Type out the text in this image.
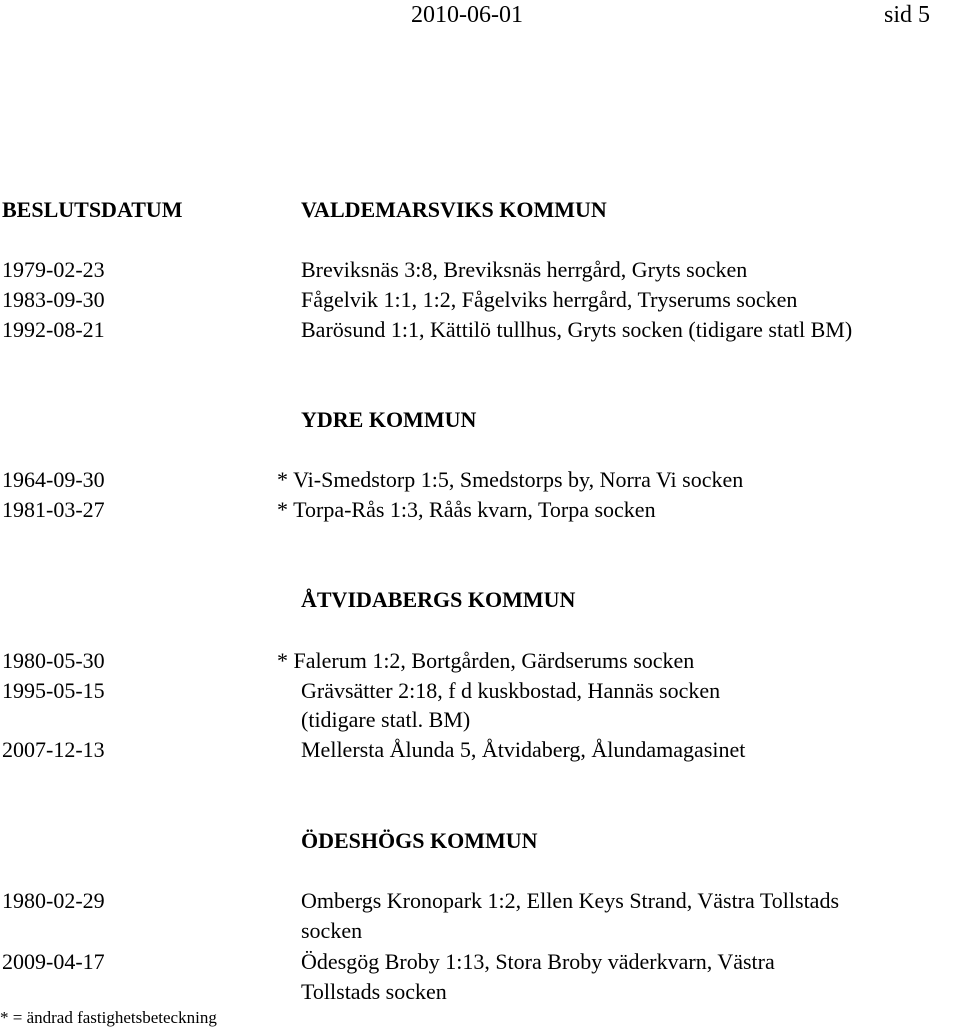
2010-06-01	sid 5
BESLUTSDATUM	VALDEMARSVIKS KOMMUN
1979-02-23	Breviksnäs 3:8, Breviksnäs herrgård, Gryts socken
1983-09-30	Fågelvik 1:1, 1:2, Fågelviks herrgård, Tryserums socken
1992-08-21	Barösund 1:1, Kättilö tullhus, Gryts socken (tidigare statl BM)
YDRE KOMMUN
1964-09-30	* Vi-Smedstorp 1:5, Smedstorps by, Norra Vi socken
1981-03-27	* Torpa-Rås 1:3, Råås kvarn, Torpa socken
ÅTVIDABERGS KOMMUN
1980-05-30	* Falerum 1:2, Bortgården, Gärdserums socken
1995-05-15	Grävsätter 2:18, f d kuskbostad, Hannäs socken
(tidigare statl. BM)
2007-12-13	Mellersta Ålunda 5, Åtvidaberg, Ålundamagasinet
ÖDESHÖGS KOMMUN
1980-02-29	Ombergs Kronopark 1:2, Ellen Keys Strand, Västra Tollstads
socken
2009-04-17	Ödesgög Broby 1:13, Stora Broby väderkvarn, Västra
Tollstads socken
* = ändrad fastighetsbeteckning
